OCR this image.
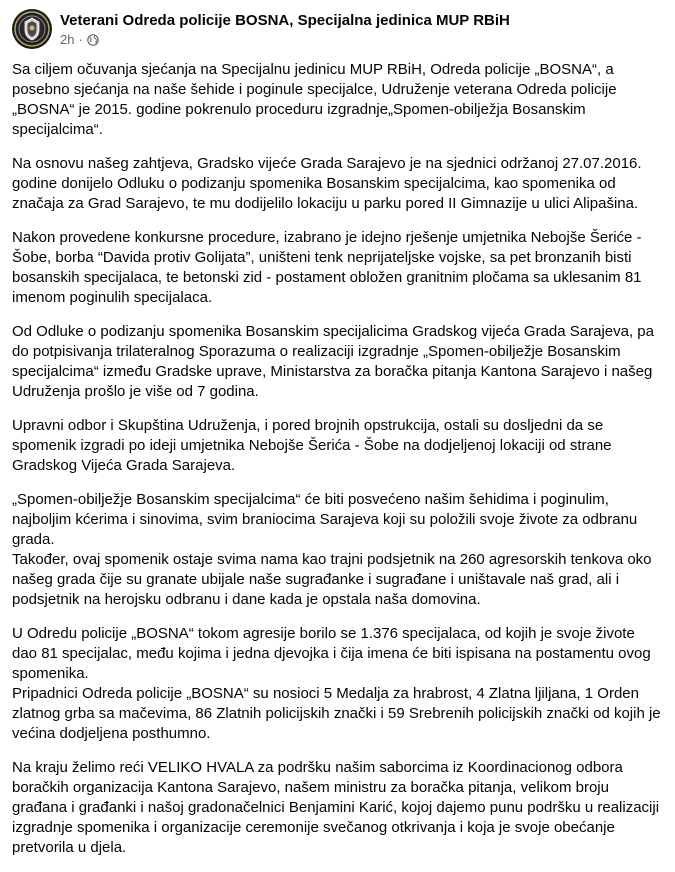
Veterani Odreda policije BOSNA, Specijalna jedinica MUP RBiH
2h ·

Sa ciljem očuvanja sjećanja na Specijalnu jedinicu MUP RBiH, Odreda policije „BOSNA“, a posebno sjećanja na naše šehide i poginule specijalce, Udruženje veterana Odreda policije „BOSNA“ je 2015. godine pokrenulo proceduru izgradnje„Spomen-obilježja Bosanskim specijalcima“.

Na osnovu našeg zahtjeva, Gradsko vijeće Grada Sarajevo je na sjednici održanoj 27.07.2016. godine donijelo Odluku o podizanju spomenika Bosanskim specijalcima, kao spomenika od značaja za Grad Sarajevo, te mu dodijelilo lokaciju u parku pored II Gimnazije u ulici Alipašina.

Nakon provedene konkursne procedure, izabrano je idejno rješenje umjetnika Nebojše Šeriće - Šobe, borba “Davida protiv Golijata”, uništeni tenk neprijateljske vojske, sa pet bronzanih bisti bosanskih specijalaca, te betonski zid - postament obložen granitnim pločama sa uklesanim 81 imenom poginulih specijalaca.

Od Odluke o podizanju spomenika Bosanskim specijalicima Gradskog vijeća Grada Sarajeva, pa do potpisivanja trilateralnog Sporazuma o realizaciji izgradnje „Spomen-obilježje Bosanskim specijalcima“ između Gradske uprave, Ministarstva za boračka pitanja Kantona Sarajevo i našeg Udruženja prošlo je više od 7 godina.

Upravni odbor i Skupština Udruženja, i pored brojnih opstrukcija, ostali su dosljedni da se spomenik izgradi po ideji umjetnika Nebojše Šerića - Šobe na dodjeljenoj lokaciji od strane Gradskog Vijeća Grada Sarajeva.

„Spomen-obilježje Bosanskim specijalcima“ će biti posvećeno našim šehidima i poginulim, najboljim kćerima i sinovima, svim braniocima Sarajeva koji su položili svoje živote za odbranu grada.

Također, ovaj spomenik ostaje svima nama kao trajni podsjetnik na 260 agresorskih tenkova oko našeg grada čije su granate ubijale naše sugrađanke i sugrađane i uništavale naš grad, ali i podsjetnik na herojsku odbranu i dane kada je opstala naša domovina.

U Odredu policije „BOSNA“ tokom agresije borilo se 1.376 specijalaca, od kojih je svoje živote dao 81 specijalac, među kojima i jedna djevojka i čija imena će biti ispisana na postamentu ovog spomenika.

Pripadnici Odreda policije „BOSNA“ su nosioci 5 Medalja za hrabrost, 4 Zlatna ljiljana, 1 Orden zlatnog grba sa mačevima, 86 Zlatnih policijskih znački i 59 Srebrenih policijskih znački od kojih je većina dodjeljena posthumno.

Na kraju želimo reći VELIKO HVALA za podršku našim saborcima iz Koordinacionog odbora boračkih organizacija Kantona Sarajevo, našem ministru za boračka pitanja, velikom broju građana i građanki i našoj gradonačelnici Benjamini Karić, kojoj dajemo punu podršku u realizaciji izgradnje spomenika i organizacije ceremonije svečanog otkrivanja i koja je svoje obećanje pretvorila u djela.
